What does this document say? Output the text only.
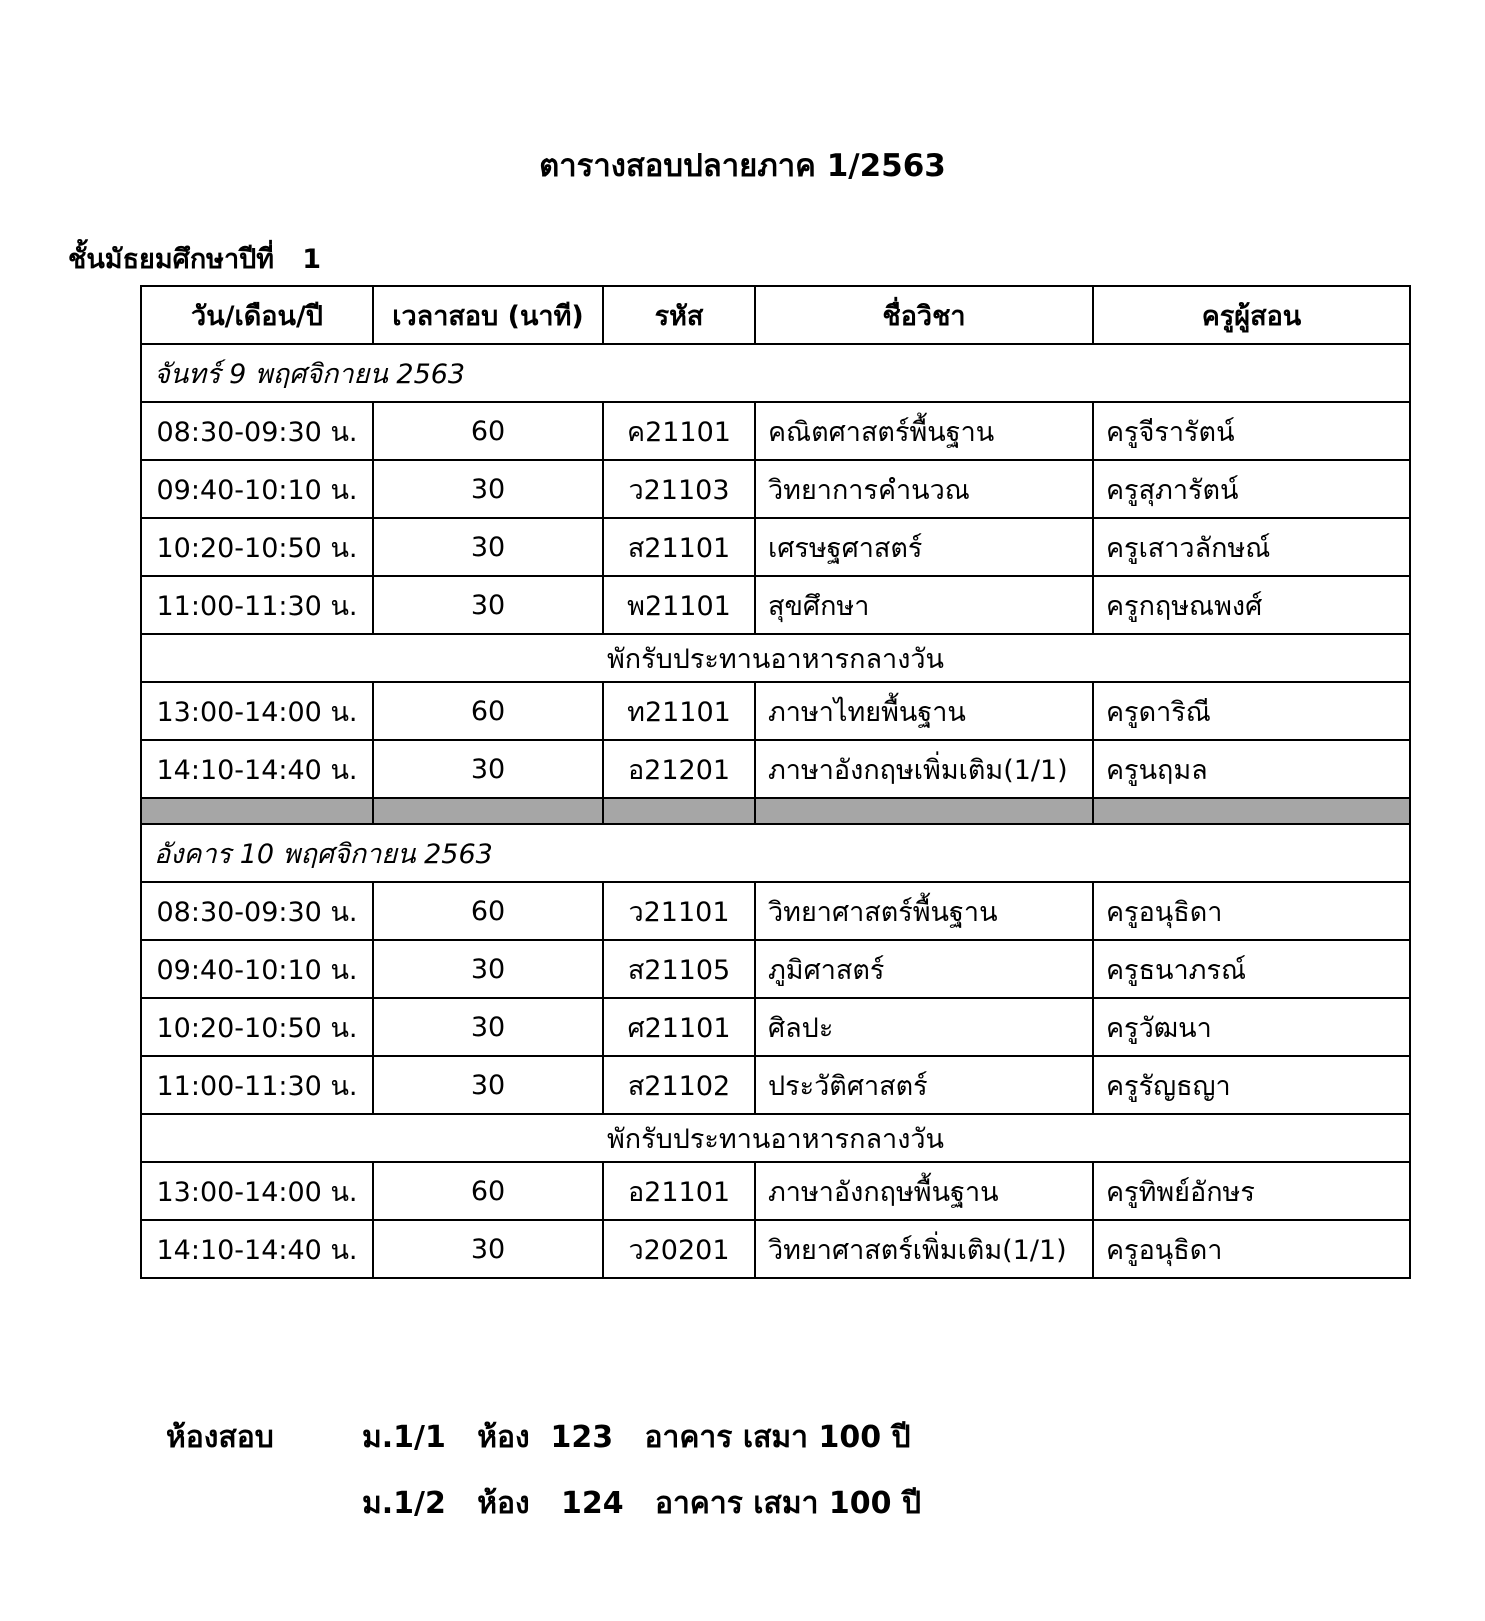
ตารางสอบปลายภาค 1/2563
ชั้นมัธยมศึกษาปีที่   1
วัน/เดือน/ปี	เวลาสอบ (นาที)	รหัส	ชื่อวิชา	ครูผู้สอน
จันทร์ 9 พฤศจิกายน 2563				
08:30-09:30 น.	60	ค21101	คณิตศาสตร์พื้นฐาน	ครูจีรารัตน์
09:40-10:10 น.	30	ว21103	วิทยาการคำนวณ	ครูสุภารัตน์
10:20-10:50 น.	30	ส21101	เศรษฐศาสตร์	ครูเสาวลักษณ์
11:00-11:30 น.	30	พ21101	สุขศึกษา	ครูกฤษณพงศ์
พักรับประทานอาหารกลางวัน				
13:00-14:00 น.	60	ท21101	ภาษาไทยพื้นฐาน	ครูดาริณี
14:10-14:40 น.	30	อ21201	ภาษาอังกฤษเพิ่มเติม(1/1)	ครูนฤมล

อังคาร 10 พฤศจิกายน 2563				
08:30-09:30 น.	60	ว21101	วิทยาศาสตร์พื้นฐาน	ครูอนุธิดา
09:40-10:10 น.	30	ส21105	ภูมิศาสตร์	ครูธนาภรณ์
10:20-10:50 น.	30	ศ21101	ศิลปะ	ครูวัฒนา
11:00-11:30 น.	30	ส21102	ประวัติศาสตร์	ครูรัญธญา
พักรับประทานอาหารกลางวัน				
13:00-14:00 น.	60	อ21101	ภาษาอังกฤษพื้นฐาน	ครูทิพย์อักษร
14:10-14:40 น.	30	ว20201	วิทยาศาสตร์เพิ่มเติม(1/1)	ครูอนุธิดา
ห้องสอบ	ม.1/1   ห้อง  123   อาคาร เสมา 100 ปี
ม.1/2   ห้อง   124   อาคาร เสมา 100 ปี
